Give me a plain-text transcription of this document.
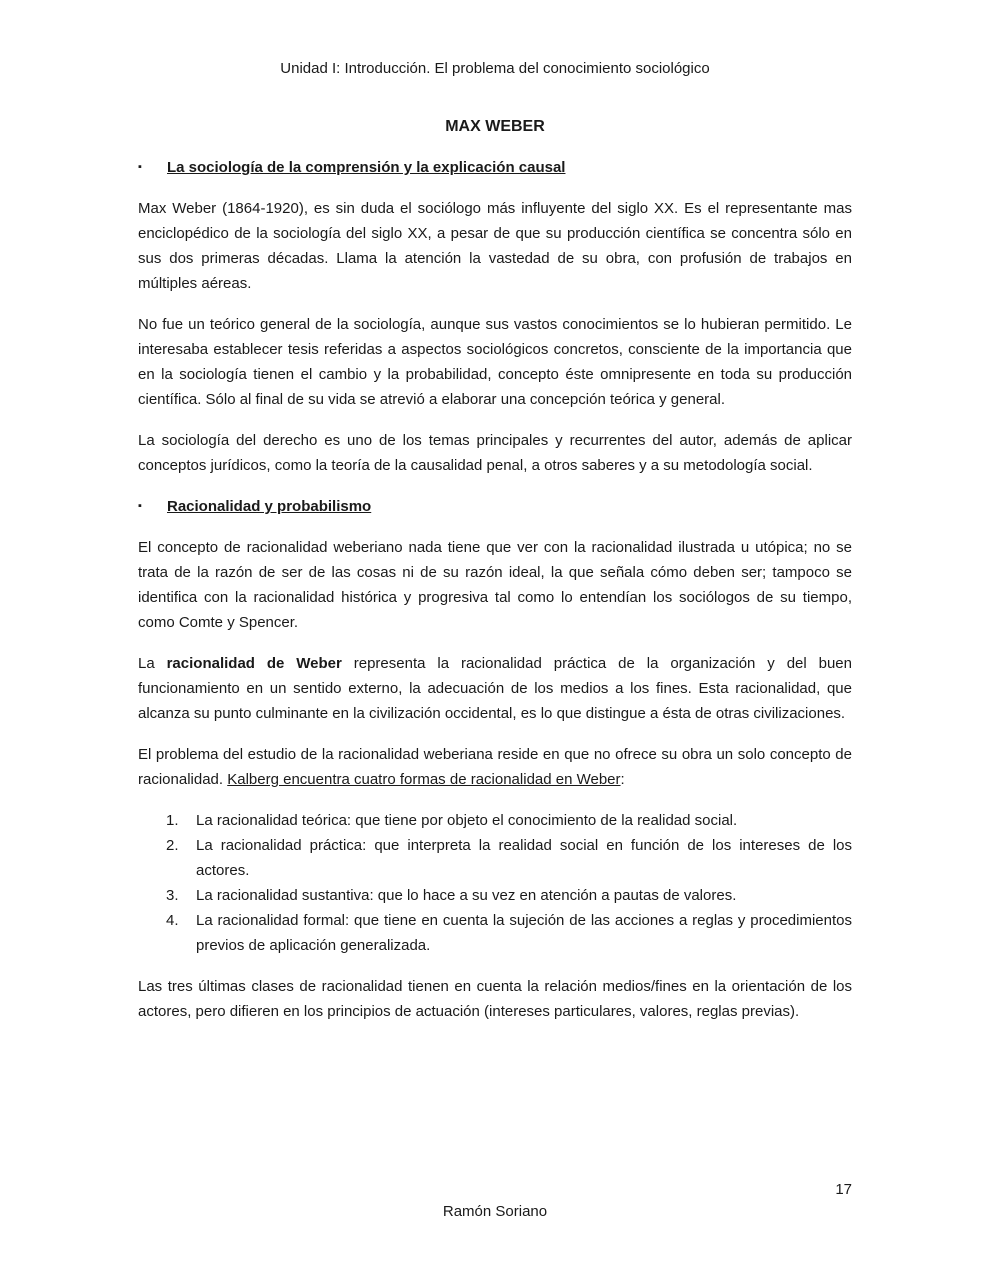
Unidad I: Introducción. El problema del conocimiento sociológico
MAX WEBER
▪	La sociología de la comprensión y la explicación causal

Max Weber (1864-1920), es sin duda el sociólogo más influyente del siglo XX. Es el representante mas enciclopédico de la sociología del siglo XX, a pesar de que su producción científica se concentra sólo en sus dos primeras décadas. Llama la atención la vastedad de su obra, con profusión de trabajos en múltiples aéreas.

No fue un teórico general de la sociología, aunque sus vastos conocimientos se lo hubieran permitido. Le interesaba establecer tesis referidas a aspectos sociológicos concretos, consciente de la importancia que en la sociología tienen el cambio y la probabilidad, concepto éste omnipresente en toda su producción científica. Sólo al final de su vida se atrevió a elaborar una concepción teórica y general.

La sociología del derecho es uno de los temas principales y recurrentes del autor, además de aplicar conceptos jurídicos, como la teoría de la causalidad penal, a otros saberes y a su metodología social.

▪	Racionalidad y probabilismo

El concepto de racionalidad weberiano nada tiene que ver con la racionalidad ilustrada u utópica; no se trata de la razón de ser de las cosas ni de su razón ideal, la que señala cómo deben ser; tampoco se identifica con la racionalidad histórica y progresiva tal como lo entendían los sociólogos de su tiempo, como Comte y Spencer.

La racionalidad de Weber representa la racionalidad práctica de la organización y del buen funcionamiento en un sentido externo, la adecuación de los medios a los fines. Esta racionalidad, que alcanza su punto culminante en la civilización occidental, es lo que distingue a ésta de otras civilizaciones.

El problema del estudio de la racionalidad weberiana reside en que no ofrece su obra un solo concepto de racionalidad. Kalberg encuentra cuatro formas de racionalidad en Weber:

1.	La racionalidad teórica: que tiene por objeto el conocimiento de la realidad social.
2.	La racionalidad práctica: que interpreta la realidad social en función de los intereses de los actores.
3.	La racionalidad sustantiva: que lo hace a su vez en atención a pautas de valores.
4.	La racionalidad formal: que tiene en cuenta la sujeción de las acciones a reglas y procedimientos previos de aplicación generalizada.

Las tres últimas clases de racionalidad tienen en cuenta la relación medios/fines en la orientación de los actores, pero difieren en los principios de actuación (intereses particulares, valores, reglas previas).

17
Ramón Soriano
